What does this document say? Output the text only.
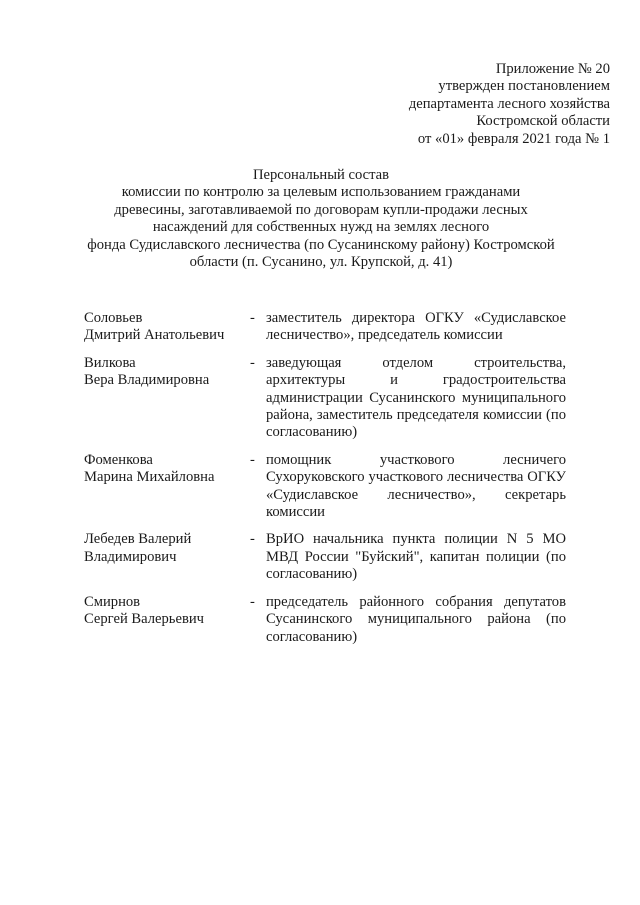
Приложение № 20
утвержден постановлением
департамента лесного хозяйства
Костромской области
от «01» февраля 2021 года № 1
Персональный состав
комиссии по контролю за целевым использованием гражданами
древесины, заготавливаемой по договорам купли-продажи лесных
насаждений для собственных нужд на землях лесного
фонда Судиславского лесничества (по Сусанинскому району) Костромской
области (п. Сусанино, ул. Крупской, д. 41)
Соловьев
Дмитрий Анатольевич
- заместитель директора ОГКУ «Судиславское лесничество», председатель комиссии
Вилкова
Вера Владимировна
- заведующая отделом строительства, архитектуры и градостроительства администрации Сусанинского муниципального района, заместитель председателя комиссии (по согласованию)
Фоменкова
Марина Михайловна
- помощник участкового лесничего Сухоруковского участкового лесничества ОГКУ «Судиславское лесничество», секретарь комиссии
Лебедев Валерий
Владимирович
- ВрИО начальника пункта полиции N 5 МО МВД России "Буйский", капитан полиции (по согласованию)
Смирнов
Сергей Валерьевич
- председатель районного собрания депутатов Сусанинского муниципального района (по согласованию)
